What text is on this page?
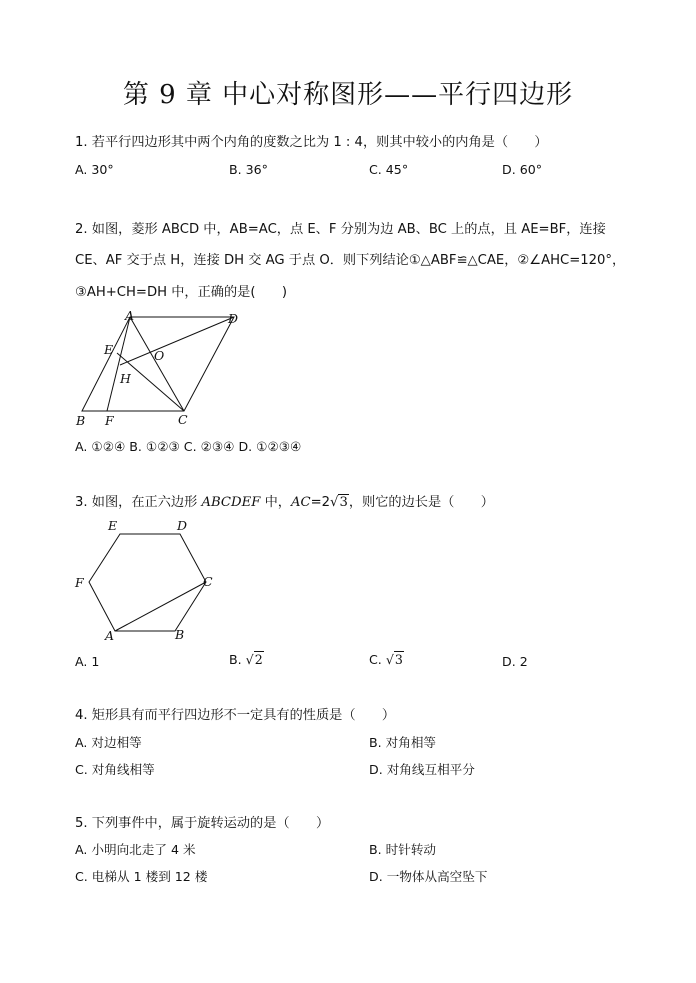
第 9 章 中心对称图形——平行四边形
1. 若平行四边形其中两个内角的度数之比为 1 : 4，则其中较小的内角是（　　）
A. 30°	B. 36°	C. 45°	D. 60°
2. 如图，菱形 ABCD 中，AB=AC，点 E、F 分别为边 AB、BC 上的点，且 AE=BF，连接
CE、AF 交于点 H，连接 DH 交 AG 于点 O．则下列结论①△ABF≌△CAE，②∠AHC=120°，
③AH+CH=DH 中，正确的是(　　)
A	D
E	O
H
B F	C
A. ①②④ B. ①②③ C. ②③④ D. ①②③④
3. 如图，在正六边形 ABCDEF 中，AC=2√3，则它的边长是（　　）
E	D
F	C
A	B
A. 1	B. √2	C. √3	D. 2
4. 矩形具有而平行四边形不一定具有的性质是（　　）
A. 对边相等	B. 对角相等
C. 对角线相等	D. 对角线互相平分
5. 下列事件中，属于旋转运动的是（　　）
A. 小明向北走了 4 米	B. 时针转动
C. 电梯从 1 楼到 12 楼	D. 一物体从高空坠下
